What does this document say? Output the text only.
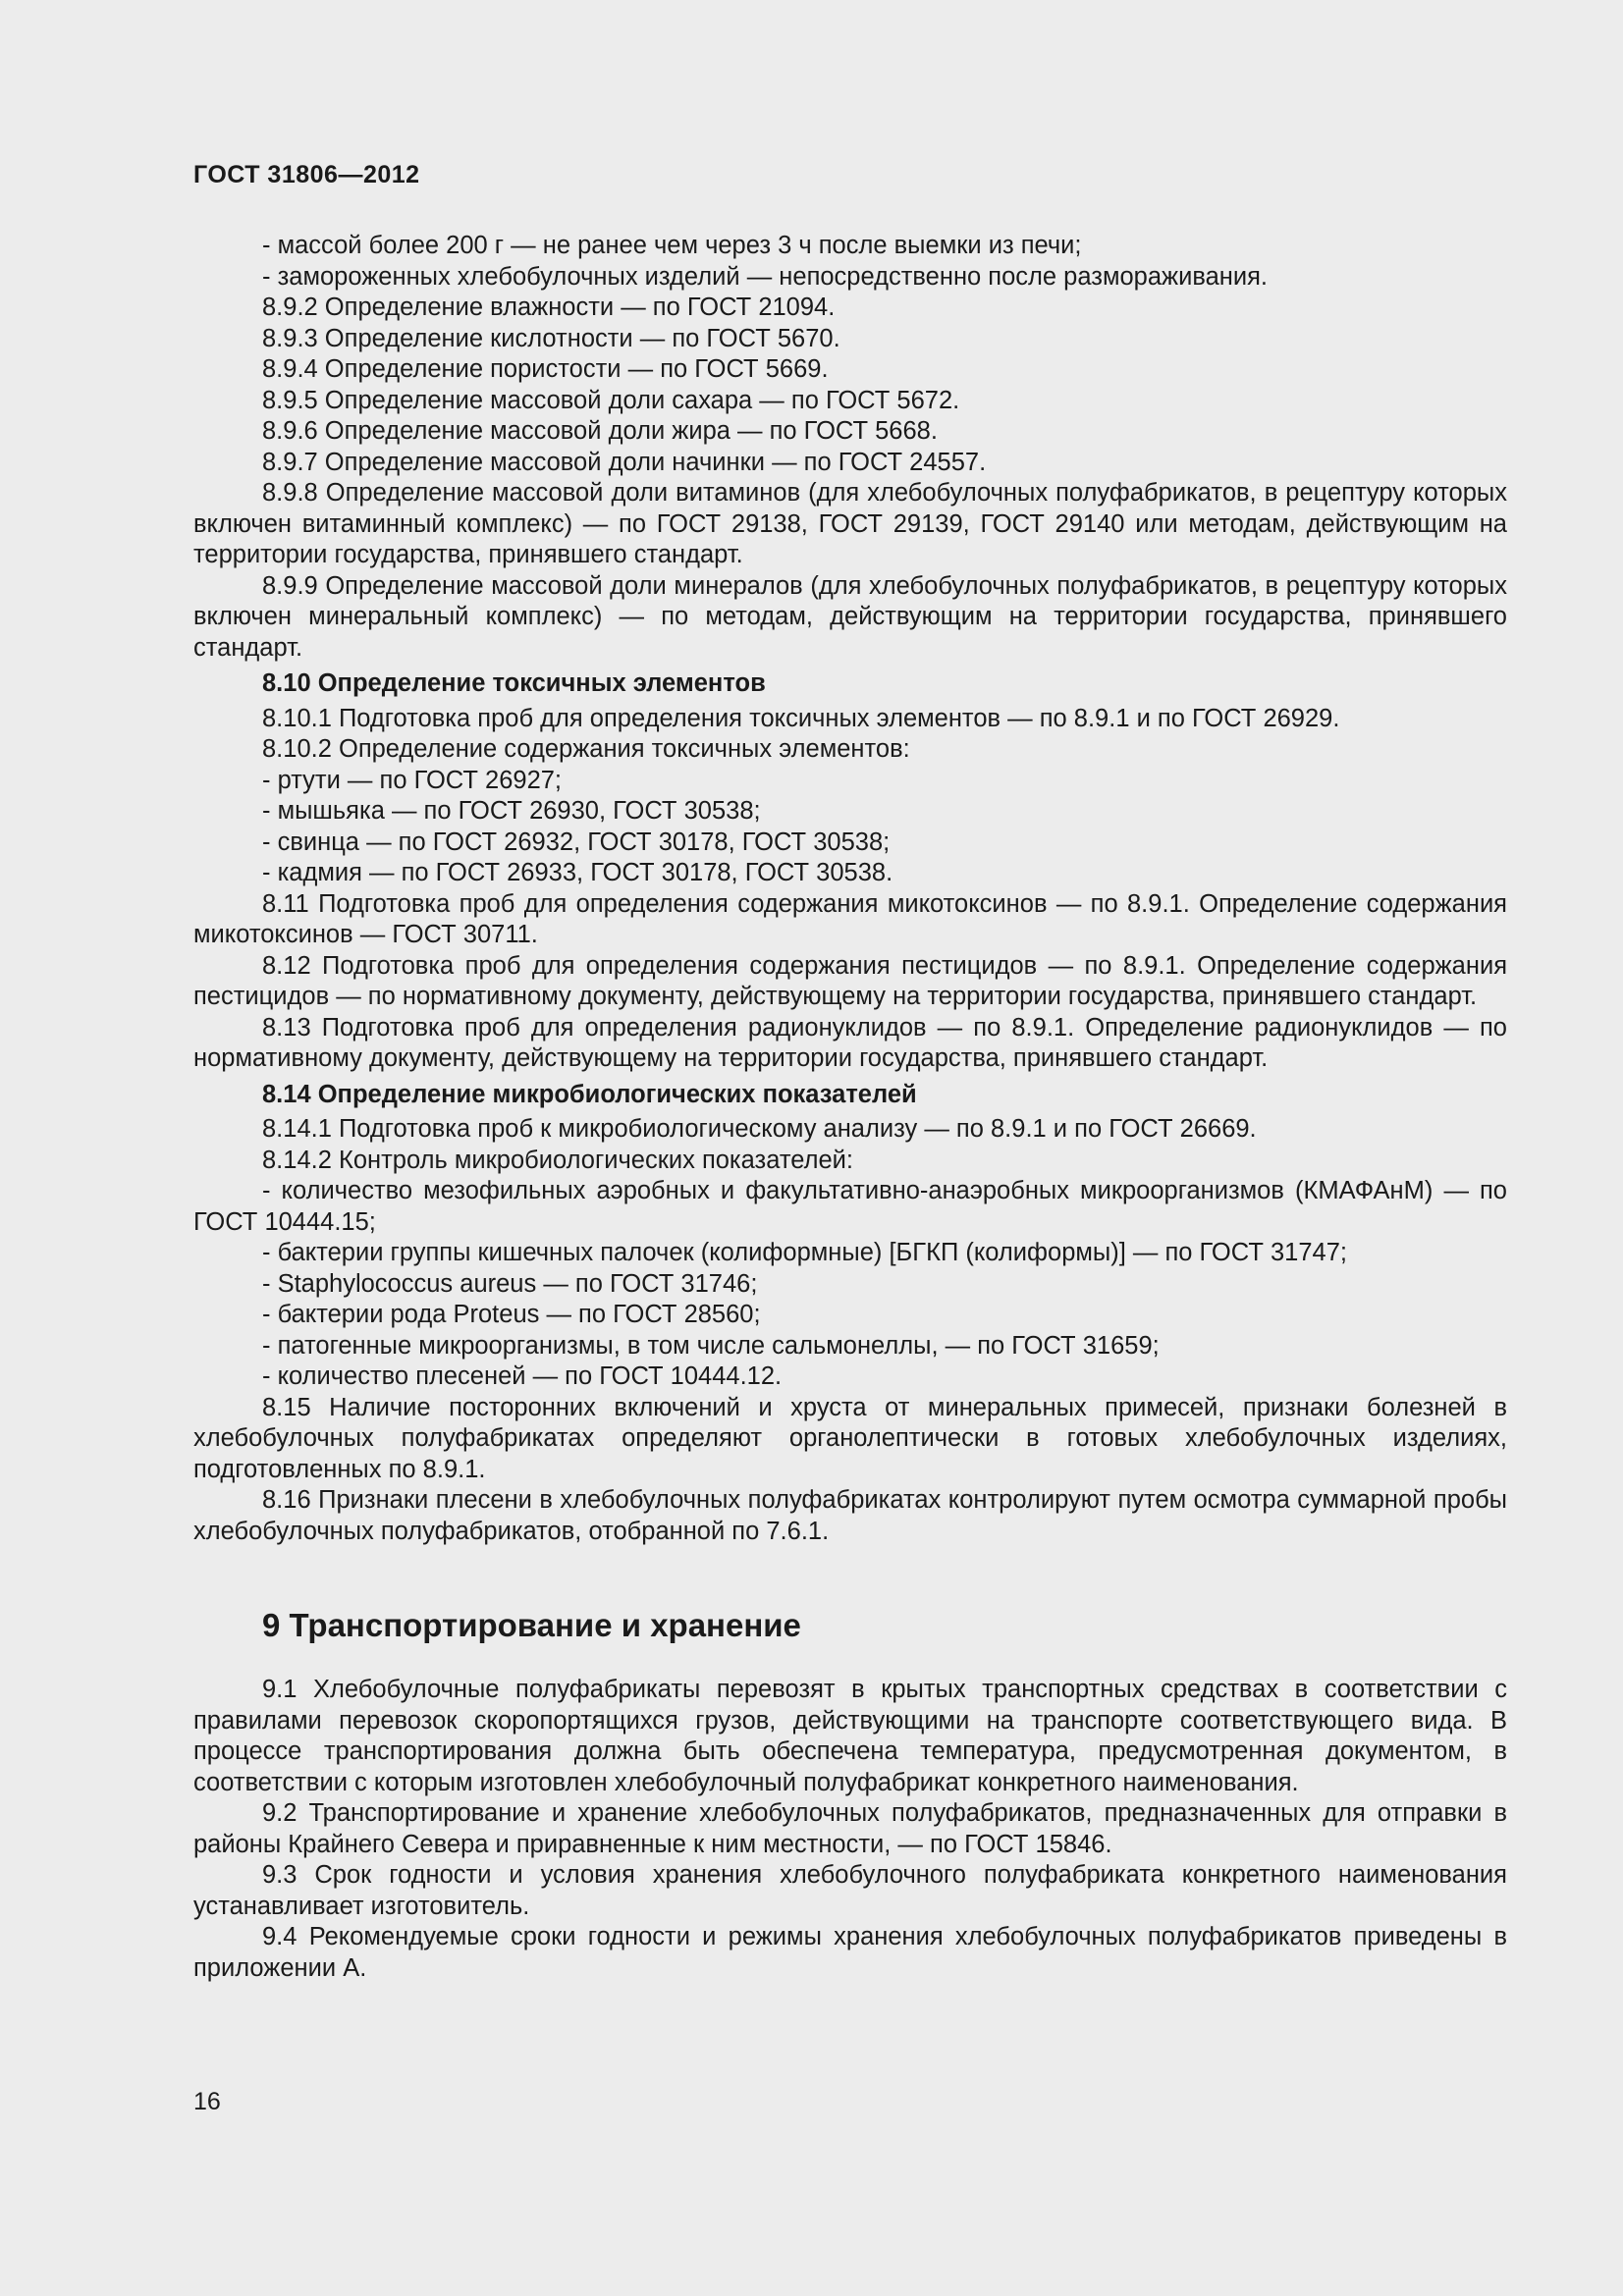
ГОСТ 31806—2012

- массой более 200 г — не ранее чем через 3 ч после выемки из печи;

- замороженных хлебобулочных изделий — непосредственно после размораживания.

8.9.2 Определение влажности — по ГОСТ 21094.

8.9.3 Определение кислотности — по ГОСТ 5670.

8.9.4 Определение пористости — по ГОСТ 5669.

8.9.5 Определение массовой доли сахара — по ГОСТ 5672.

8.9.6 Определение массовой доли жира — по ГОСТ 5668.

8.9.7 Определение массовой доли начинки — по ГОСТ 24557.

8.9.8 Определение массовой доли витаминов (для хлебобулочных полуфабрикатов, в рецептуру которых включен витаминный комплекс) — по ГОСТ 29138, ГОСТ 29139, ГОСТ 29140 или методам, действующим на территории государства, принявшего стандарт.

8.9.9 Определение массовой доли минералов (для хлебобулочных полуфабрикатов, в рецептуру которых включен минеральный комплекс) — по методам, действующим на территории государства, принявшего стандарт.

8.10 Определение токсичных элементов

8.10.1 Подготовка проб для определения токсичных элементов — по 8.9.1 и по ГОСТ 26929.

8.10.2 Определение содержания токсичных элементов:

- ртути — по ГОСТ 26927;

- мышьяка — по ГОСТ 26930, ГОСТ 30538;

- свинца — по ГОСТ 26932, ГОСТ 30178, ГОСТ 30538;

- кадмия — по ГОСТ 26933, ГОСТ 30178, ГОСТ 30538.

8.11 Подготовка проб для определения содержания микотоксинов — по 8.9.1. Определение содержания микотоксинов — ГОСТ 30711.

8.12 Подготовка проб для определения содержания пестицидов — по 8.9.1. Определение содержания пестицидов — по нормативному документу, действующему на территории государства, принявшего стандарт.

8.13 Подготовка проб для определения радионуклидов — по 8.9.1. Определение радионуклидов — по нормативному документу, действующему на территории государства, принявшего стандарт.

8.14 Определение микробиологических показателей

8.14.1 Подготовка проб к микробиологическому анализу — по 8.9.1 и по ГОСТ 26669.

8.14.2 Контроль микробиологических показателей:

- количество мезофильных аэробных и факультативно-анаэробных микроорганизмов (КМАФАнМ) — по ГОСТ 10444.15;

- бактерии группы кишечных палочек (колиформные) [БГКП (колиформы)] — по ГОСТ 31747;

- Staphylococcus aureus — по ГОСТ 31746;

- бактерии рода Proteus — по ГОСТ 28560;

- патогенные микроорганизмы, в том числе сальмонеллы, — по ГОСТ 31659;

- количество плесеней — по ГОСТ 10444.12.

8.15 Наличие посторонних включений и хруста от минеральных примесей, признаки болезней в хлебобулочных полуфабрикатах определяют органолептически в готовых хлебобулочных изделиях, подготовленных по 8.9.1.

8.16 Признаки плесени в хлебобулочных полуфабрикатах контролируют путем осмотра суммарной пробы хлебобулочных полуфабрикатов, отобранной по 7.6.1.

9 Транспортирование и хранение

9.1 Хлебобулочные полуфабрикаты перевозят в крытых транспортных средствах в соответствии с правилами перевозок скоропортящихся грузов, действующими на транспорте соответствующего вида. В процессе транспортирования должна быть обеспечена температура, предусмотренная документом, в соответствии с которым изготовлен хлебобулочный полуфабрикат конкретного наименования.

9.2 Транспортирование и хранение хлебобулочных полуфабрикатов, предназначенных для отправки в районы Крайнего Севера и приравненные к ним местности, — по ГОСТ 15846.

9.3 Срок годности и условия хранения хлебобулочного полуфабриката конкретного наименования устанавливает изготовитель.

9.4 Рекомендуемые сроки годности и режимы хранения хлебобулочных полуфабрикатов приведены в приложении А.

16
